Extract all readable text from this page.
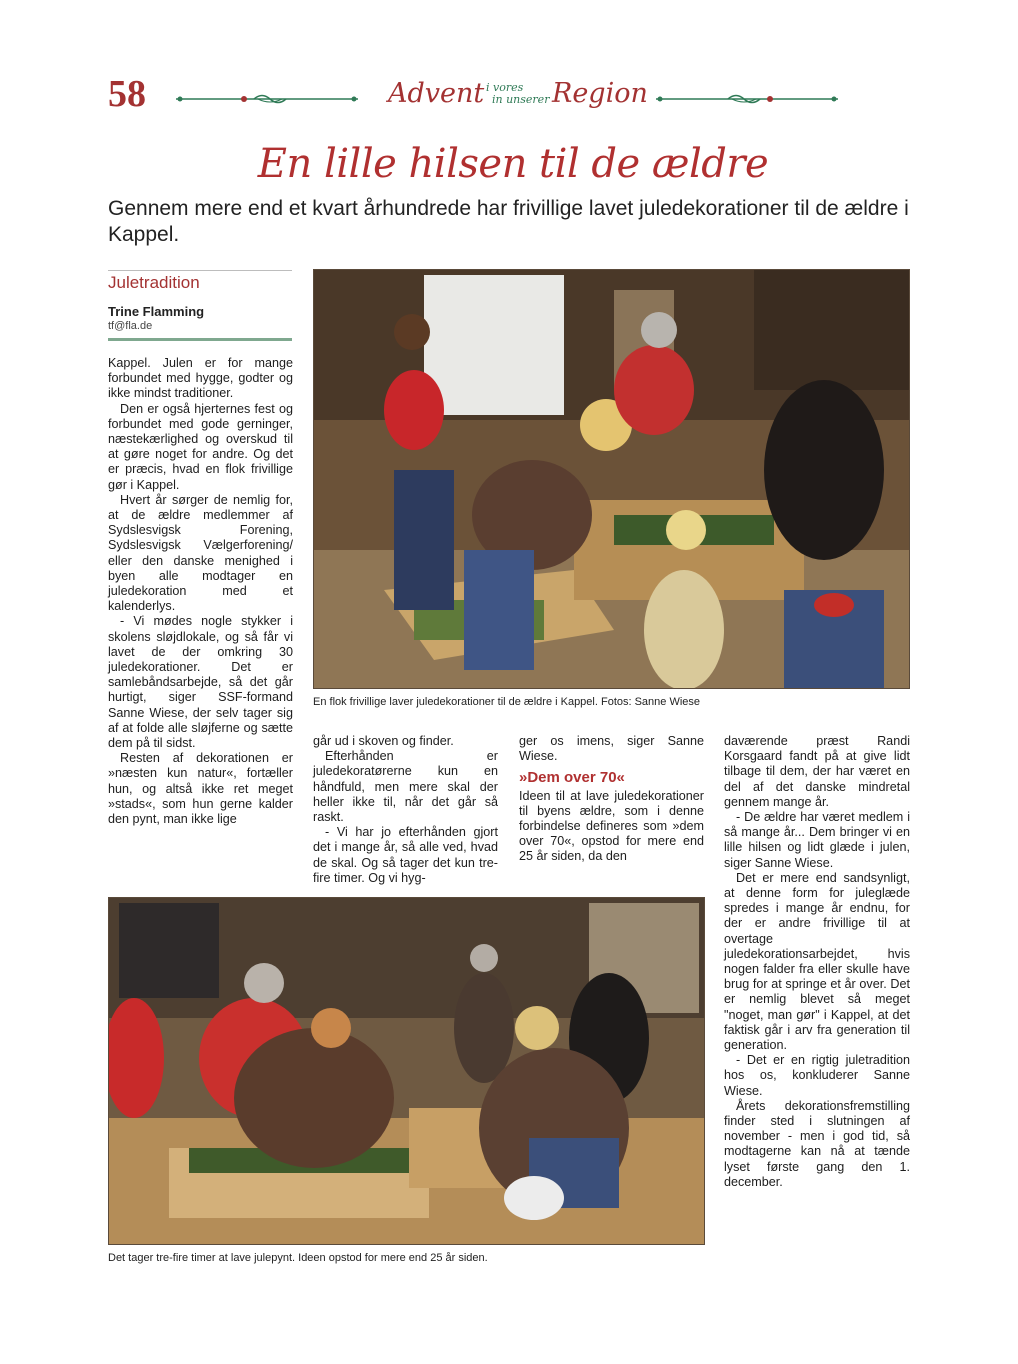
58	Advent i vores
in unserer Region
En lille hilsen til de ældre
Gennem mere end et kvart århundrede har frivillige lavet juledekorationer til de ældre i Kappel.
Juletradition
Trine Flamming
tf@fla.de

Kappel. Julen er for mange forbundet med hygge, godter og ikke mindst traditioner.

Den er også hjerternes fest og forbundet med gode gerninger, næstekærlighed og overskud til at gøre noget for andre. Og det er præcis, hvad en flok frivillige gør i Kappel.

Hvert år sørger de nemlig for, at de ældre medlemmer af Sydslesvigsk Forening, Sydslesvigsk Vælgerforening/ eller den danske menighed i byen alle modtager en juledekoration med et kalenderlys.

- Vi mødes nogle stykker i skolens sløjdlokale, og så får vi lavet de der omkring 30 juledekorationer. Det er samlebåndsarbejde, så det går hurtigt, siger SSF-formand Sanne Wiese, der selv tager sig af at folde alle sløjferne og sætte dem på til sidst.

Resten af dekorationen er »næsten kun natur«, fortæller hun, og altså ikke ret meget »stads«, som hun gerne kalder den pynt, man ikke lige

En flok frivillige laver juledekorationer til de ældre i Kappel. Fotos: Sanne Wiese

går ud i skoven og finder.

Efterhånden er juledekoratørerne kun en håndfuld, men mere skal der heller ikke til, når det går så raskt.

- Vi har jo efterhånden gjort det i mange år, så alle ved, hvad de skal. Og så tager det kun tre-fire timer. Og vi hyg-

ger os imens, siger Sanne Wiese.

»Dem over 70«

Ideen til at lave juledekorationer til byens ældre, som i denne forbindelse defineres som »dem over 70«, opstod for mere end 25 år siden, da den

daværende præst Randi Korsgaard fandt på at give lidt tilbage til dem, der har været en del af det danske mindretal gennem mange år.

- De ældre har været medlem i så mange år... Dem bringer vi en lille hilsen og lidt glæde i julen, siger Sanne Wiese.

Det er mere end sandsynligt, at denne form for juleglæde spredes i mange år endnu, for der er andre frivillige til at overtage juledekorationsarbejdet, hvis nogen falder fra eller skulle have brug for at springe et år over. Det er nemlig blevet så meget "noget, man gør" i Kappel, at det faktisk går i arv fra generation til generation.

- Det er en rigtig juletradition hos os, konkluderer Sanne Wiese.

Årets dekorationsfremstilling finder sted i slutningen af november - men i god tid, så modtagerne kan nå at tænde lyset første gang den 1. december.

Det tager tre-fire timer at lave julepynt. Ideen opstod for mere end 25 år siden.
